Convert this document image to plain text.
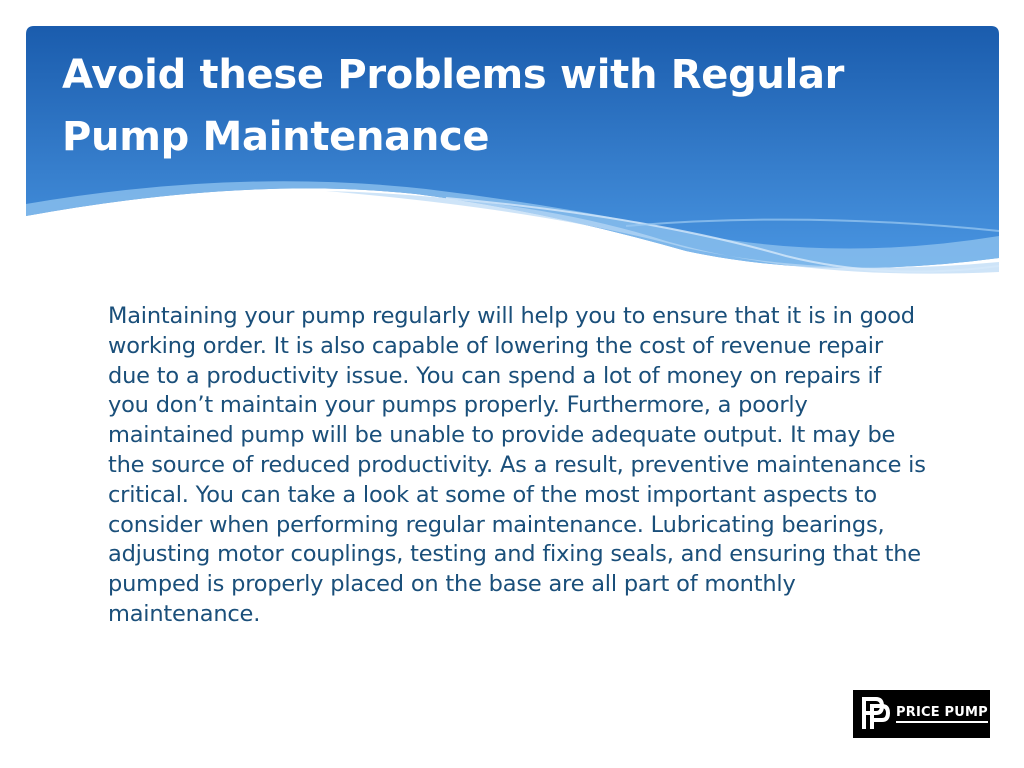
Avoid these Problems with Regular Pump Maintenance

Maintaining your pump regularly will help you to ensure that it is in good working order. It is also capable of lowering the cost of revenue repair due to a productivity issue. You can spend a lot of money on repairs if you don’t maintain your pumps properly. Furthermore, a poorly maintained pump will be unable to provide adequate output. It may be the source of reduced productivity. As a result, preventive maintenance is critical. You can take a look at some of the most important aspects to consider when performing regular maintenance. Lubricating bearings, adjusting motor couplings, testing and fixing seals, and ensuring that the pumped is properly placed on the base are all part of monthly maintenance.

PRICE PUMP
